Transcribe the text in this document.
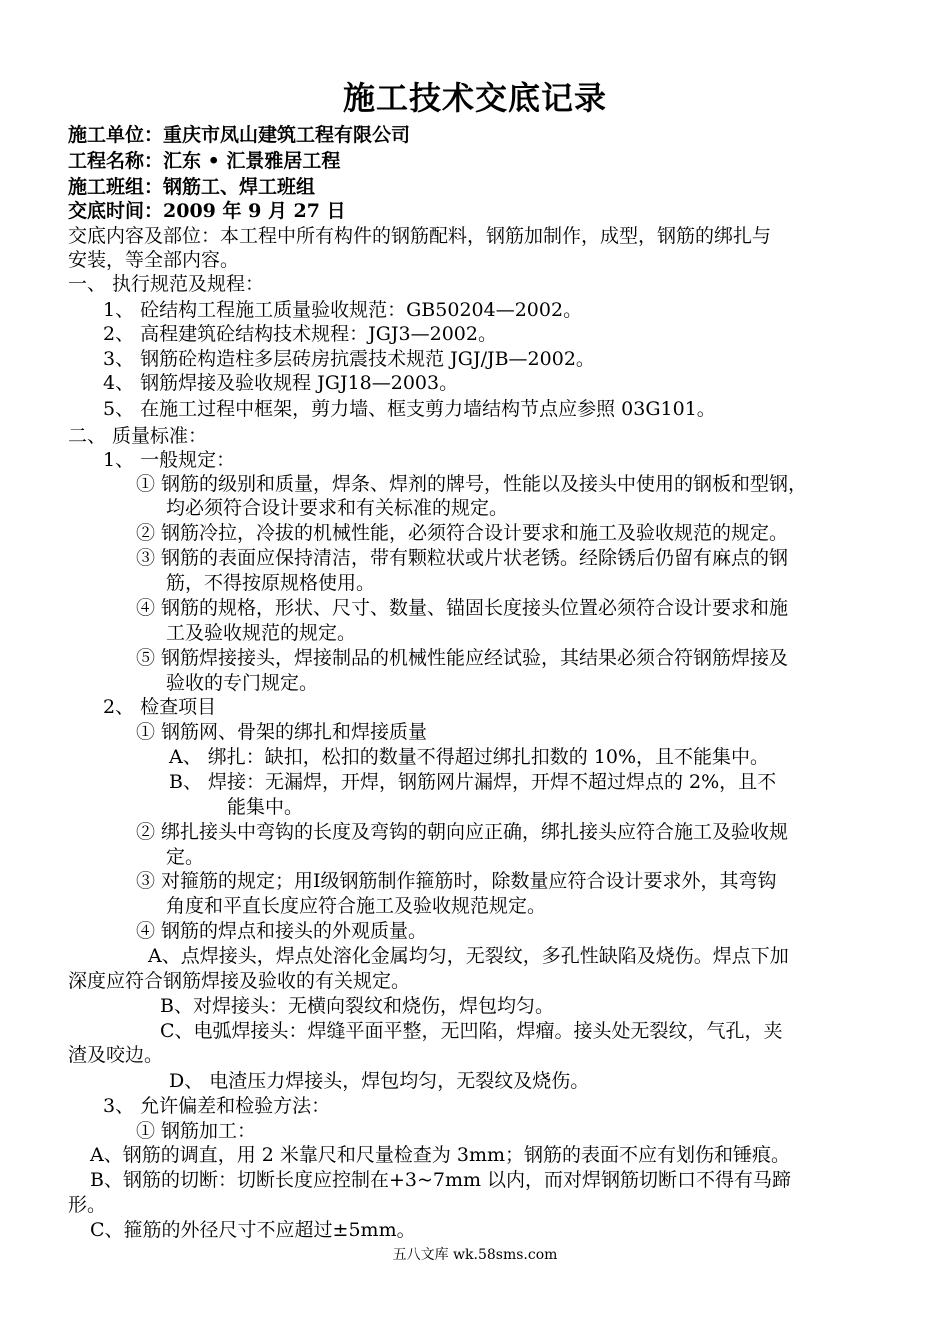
施工技术交底记录
施工单位：重庆市凤山建筑工程有限公司
工程名称：汇东 • 汇景雅居工程
施工班组：钢筋工、焊工班组
交底时间：2009 年 9 月 27 日
交底内容及部位：本工程中所有构件的钢筋配料，钢筋加制作，成型，钢筋的绑扎与
安装，等全部内容。
一、 执行规范及规程：
1、 砼结构工程施工质量验收规范：GB50204—2002。
2、 高程建筑砼结构技术规程：JGJ3—2002。
3、 钢筋砼构造柱多层砖房抗震技术规范 JGJ/JB—2002。
4、 钢筋焊接及验收规程 JGJ18—2003。
5、 在施工过程中框架，剪力墙、框支剪力墙结构节点应参照 03G101。
二、 质量标准：
1、 一般规定：
① 钢筋的级别和质量，焊条、焊剂的牌号，性能以及接头中使用的钢板和型钢，
均必须符合设计要求和有关标准的规定。
② 钢筋冷拉，冷拔的机械性能，必须符合设计要求和施工及验收规范的规定。
③ 钢筋的表面应保持清洁，带有颗粒状或片状老锈。经除锈后仍留有麻点的钢
筋，不得按原规格使用。
④ 钢筋的规格，形状、尺寸、数量、锚固长度接头位置必须符合设计要求和施
工及验收规范的规定。
⑤ 钢筋焊接接头，焊接制品的机械性能应经试验，其结果必须合符钢筋焊接及
验收的专门规定。
2、 检查项目
① 钢筋网、骨架的绑扎和焊接质量
A、 绑扎：缺扣，松扣的数量不得超过绑扎扣数的 10%，且不能集中。
B、 焊接：无漏焊，开焊，钢筋网片漏焊，开焊不超过焊点的 2%，且不
能集中。
② 绑扎接头中弯钩的长度及弯钩的朝向应正确，绑扎接头应符合施工及验收规
定。
③ 对箍筋的规定；用Ⅰ级钢筋制作箍筋时，除数量应符合设计要求外，其弯钩
角度和平直长度应符合施工及验收规范规定。
④ 钢筋的焊点和接头的外观质量。
A、点焊接头，焊点处溶化金属均匀，无裂纹，多孔性缺陷及烧伤。焊点下加
深度应符合钢筋焊接及验收的有关规定。
B、对焊接头：无横向裂纹和烧伤，焊包均匀。
C、电弧焊接头：焊缝平面平整，无凹陷，焊瘤。接头处无裂纹，气孔，夹
渣及咬边。
D、 电渣压力焊接头，焊包均匀，无裂纹及烧伤。
3、 允许偏差和检验方法：
① 钢筋加工：
A、钢筋的调直，用 2 米靠尺和尺量检查为 3mm；钢筋的表面不应有划伤和锤痕。
B、钢筋的切断：切断长度应控制在+3~7mm 以内，而对焊钢筋切断口不得有马蹄
形。
C、箍筋的外径尺寸不应超过±5mm。
五八文库 wk.58sms.com
